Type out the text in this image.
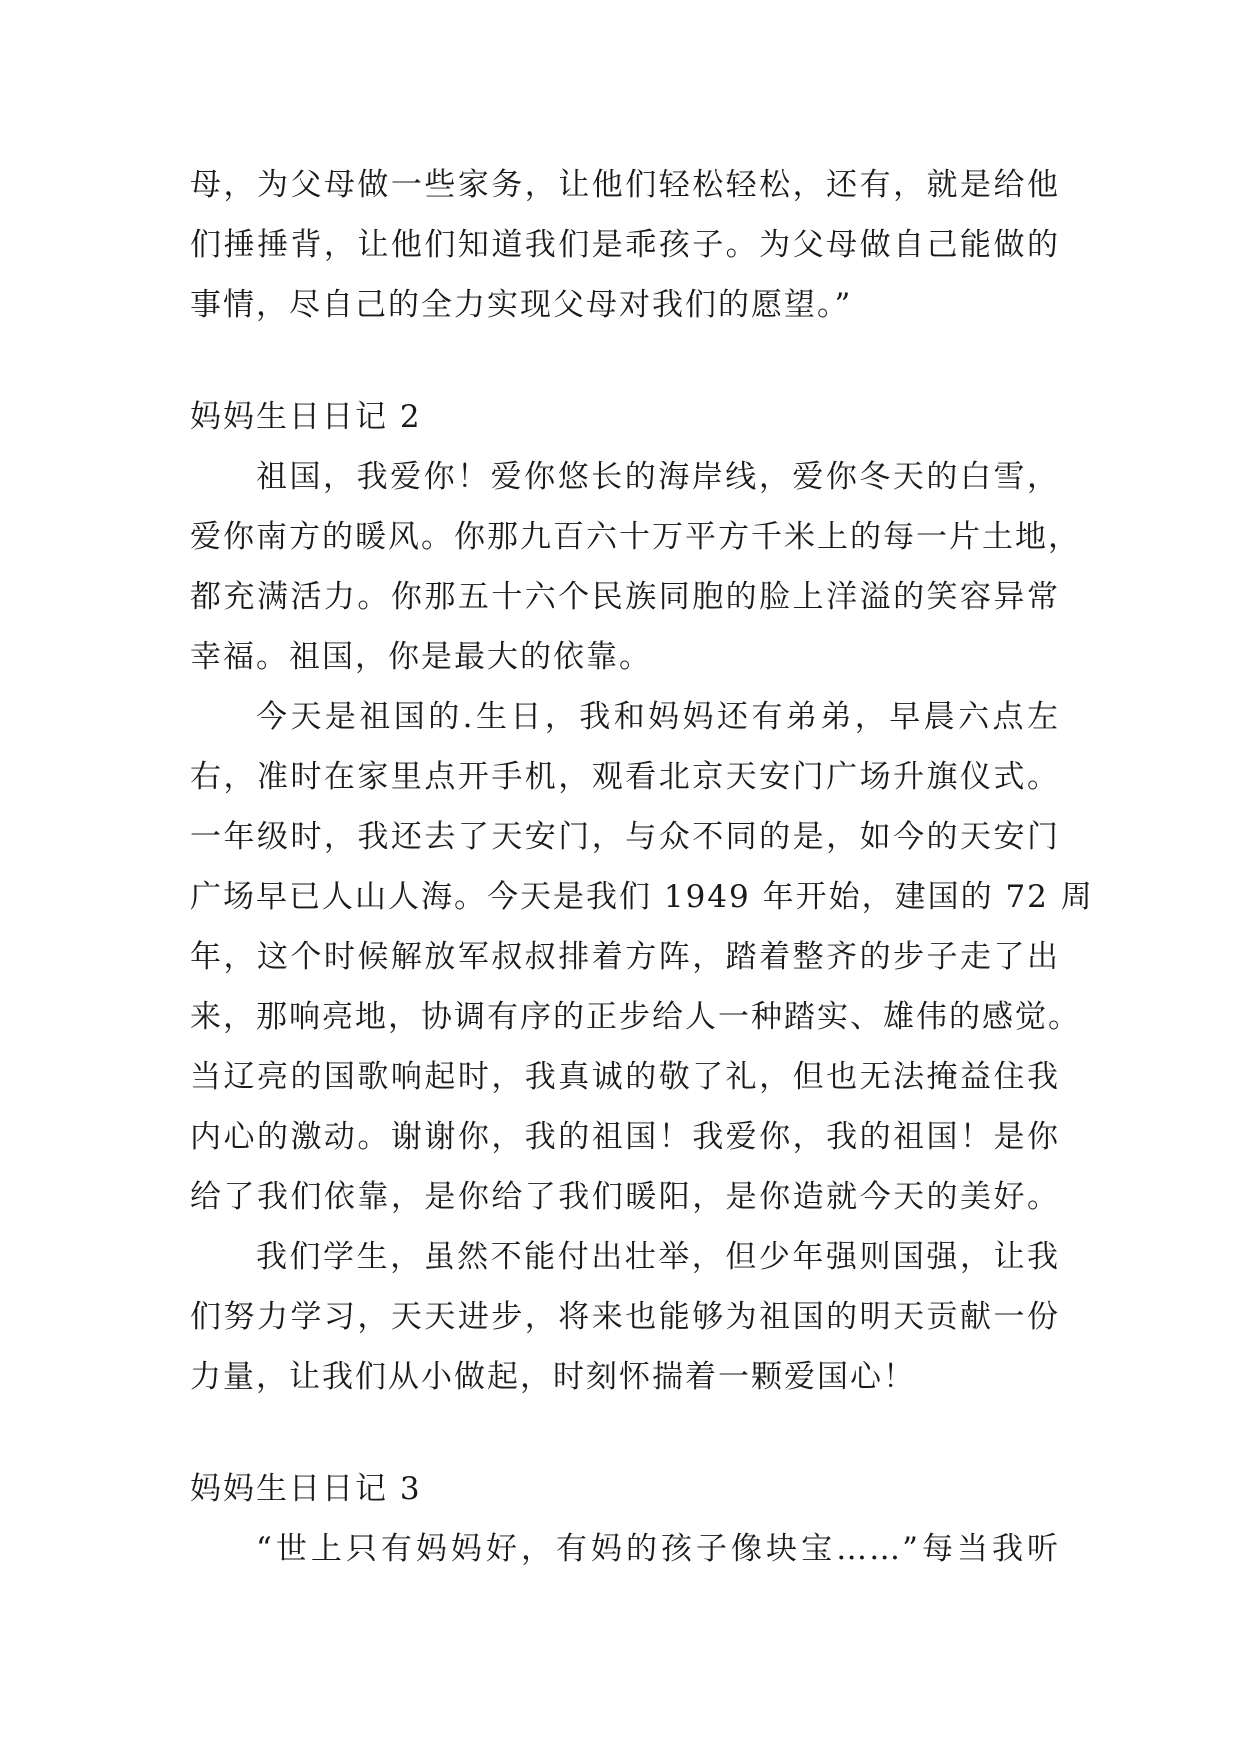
母，为父母做一些家务，让他们轻松轻松，还有，就是给他
们捶捶背，让他们知道我们是乖孩子。为父母做自己能做的
事情，尽自己的全力实现父母对我们的愿望。”
妈妈生日日记 2
祖国，我爱你！爱你悠长的海岸线，爱你冬天的白雪，
爱你南方的暖风。你那九百六十万平方千米上的每一片土地，
都充满活力。你那五十六个民族同胞的脸上洋溢的笑容异常
幸福。祖国，你是最大的依靠。
今天是祖国的.生日，我和妈妈还有弟弟，早晨六点左
右，准时在家里点开手机，观看北京天安门广场升旗仪式。
一年级时，我还去了天安门，与众不同的是，如今的天安门
广场早已人山人海。今天是我们 1949 年开始，建国的 72 周
年，这个时候解放军叔叔排着方阵，踏着整齐的步子走了出
来，那响亮地，协调有序的正步给人一种踏实、雄伟的感觉。
当辽亮的国歌响起时，我真诚的敬了礼，但也无法掩益住我
内心的激动。谢谢你，我的祖国！我爱你，我的祖国！是你
给了我们依靠，是你给了我们暖阳，是你造就今天的美好。
我们学生，虽然不能付出壮举，但少年强则国强，让我
们努力学习，天天进步，将来也能够为祖国的明天贡献一份
力量，让我们从小做起，时刻怀揣着一颗爱国心！
妈妈生日日记 3
“世上只有妈妈好，有妈的孩子像块宝……”每当我听
